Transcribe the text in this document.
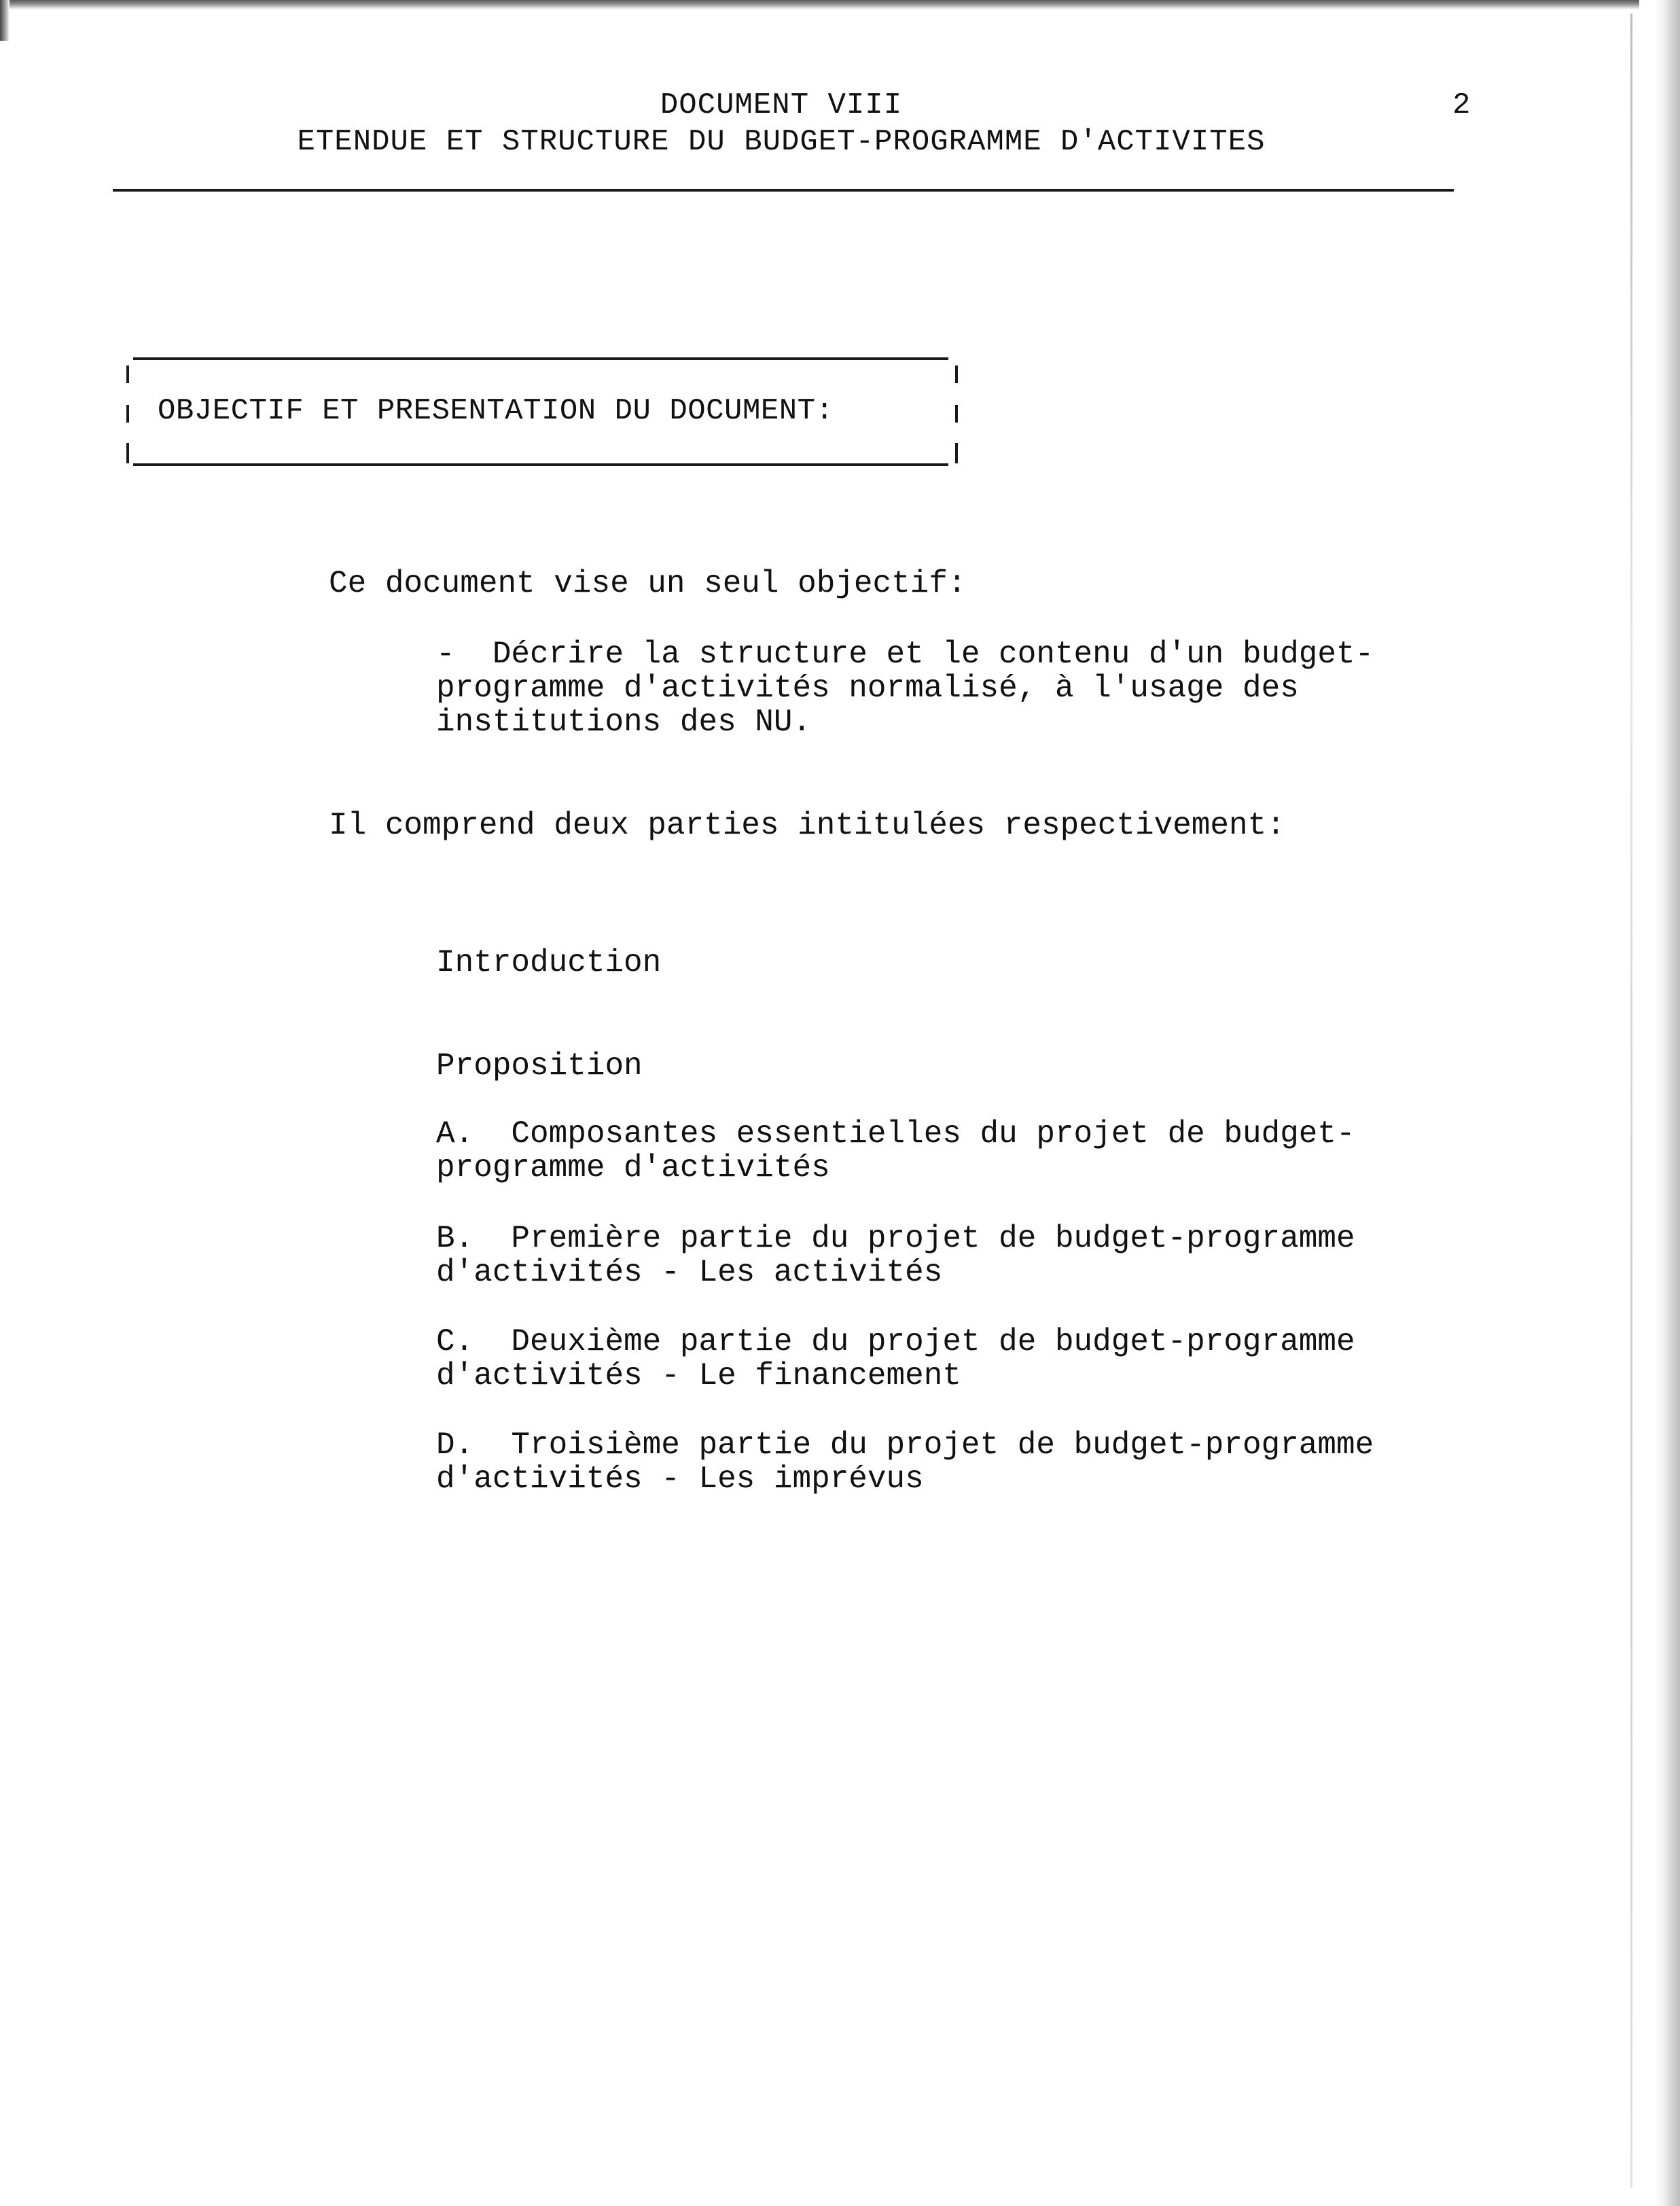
DOCUMENT VIII
ETENDUE ET STRUCTURE DU BUDGET-PROGRAMME D'ACTIVITES
2
OBJECTIF ET PRESENTATION DU DOCUMENT:
Ce document vise un seul objectif:
-  Décrire la structure et le contenu d'un budget-
programme d'activités normalisé, à l'usage des
institutions des NU.
Il comprend deux parties intitulées respectivement:
Introduction
Proposition
A.  Composantes essentielles du projet de budget-
programme d'activités
B.  Première partie du projet de budget-programme
d'activités - Les activités
C.  Deuxième partie du projet de budget-programme
d'activités - Le financement
D.  Troisième partie du projet de budget-programme
d'activités - Les imprévus
